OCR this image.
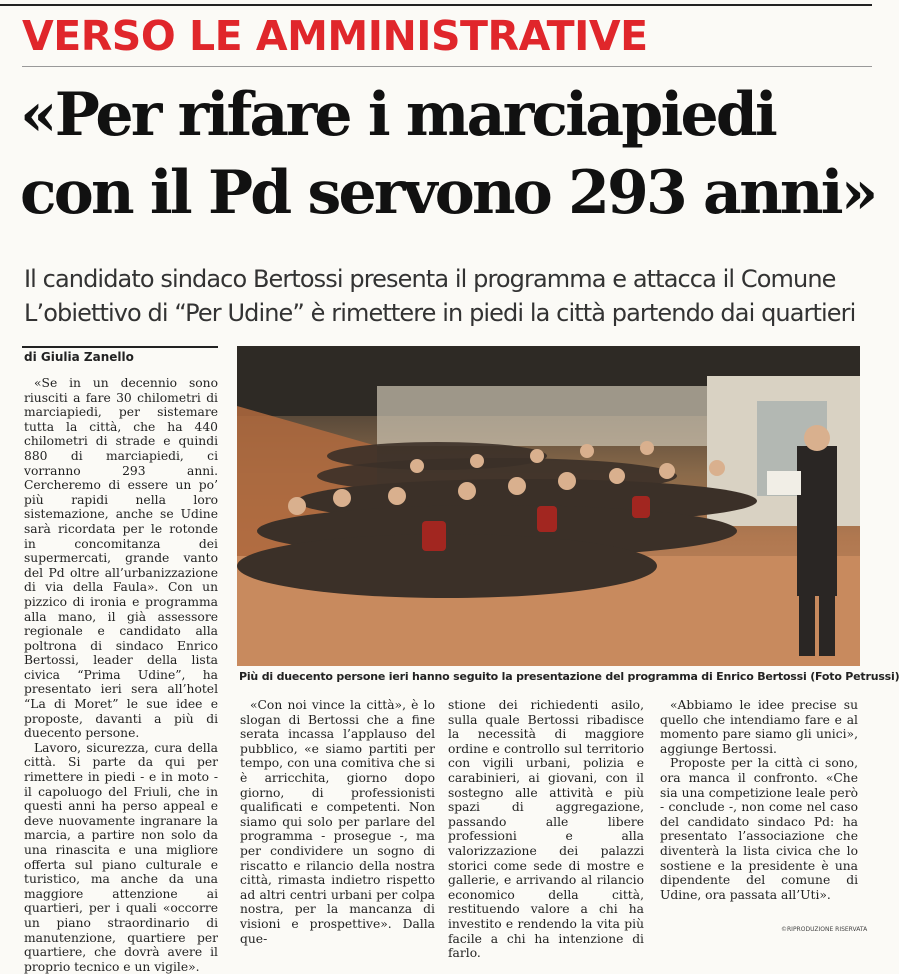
VERSO LE AMMINISTRATIVE
«Per rifare i marciapiedi
con il Pd servono 293 anni»
Il candidato sindaco Bertossi presenta il programma e attacca il Comune
L’obiettivo di “Per Udine” è rimettere in piedi la città partendo dai quartieri
di Giulia Zanello

«Se in un decennio sono riusciti a fare 30 chilometri di marciapiedi, per sistemare tutta la città, che ha 440 chilometri di strade e quindi 880 di marciapiedi, ci vorranno 293 anni. Cercheremo di essere un po’ più rapidi nella loro sistemazione, anche se Udine sarà ricordata per le rotonde in concomitanza dei supermercati, grande vanto del Pd oltre all’urbanizzazione di via della Faula». Con un pizzico di ironia e programma alla mano, il già assessore regionale e candidato alla poltrona di sindaco Enrico Bertossi, leader della lista civica “Prima Udine”, ha presentato ieri sera all’hotel “La di Moret” le sue idee e proposte, davanti a più di duecento persone.

Lavoro, sicurezza, cura della città. Si parte da qui per rimettere in piedi - e in moto - il capoluogo del Friuli, che in questi anni ha perso appeal e deve nuovamente ingranare la marcia, a partire non solo da una rinascita e una migliore offerta sul piano culturale e turistico, ma anche da una maggiore attenzione ai quartieri, per i quali «occorre un piano straordinario di manutenzione, quartiere per quartiere, che dovrà avere il proprio tecnico e un vigile».

Più di duecento persone ieri hanno seguito la presentazione del programma di Enrico Bertossi (Foto Petrussi)

«Con noi vince la città», è lo slogan di Bertossi che a fine serata incassa l’applauso del pubblico, «e siamo partiti per tempo, con una comitiva che si è arricchita, giorno dopo giorno, di professionisti qualificati e competenti. Non siamo qui solo per parlare del programma - prosegue -, ma per condividere un sogno di riscatto e rilancio della nostra città, rimasta indietro rispetto ad altri centri urbani per colpa nostra, per la mancanza di visioni e prospettive». Dalla que-

stione dei richiedenti asilo, sulla quale Bertossi ribadisce la necessità di maggiore ordine e controllo sul territorio con vigili urbani, polizia e carabinieri, ai giovani, con il sostegno alle attività e più spazi di aggregazione, passando alle libere professioni e alla valorizzazione dei palazzi storici come sede di mostre e gallerie, e arrivando al rilancio economico della città, restituendo valore a chi ha investito e rendendo la vita più facile a chi ha intenzione di farlo.

«Abbiamo le idee precise su quello che intendiamo fare e al momento pare siamo gli unici», aggiunge Bertossi.

Proposte per la città ci sono, ora manca il confronto. «Che sia una competizione leale però - conclude -, non come nel caso del candidato sindaco Pd: ha presentato l’associazione che diventerà la lista civica che lo sostiene e la presidente è una dipendente del comune di Udine, ora passata all’Uti».

©RIPRODUZIONE RISERVATA
